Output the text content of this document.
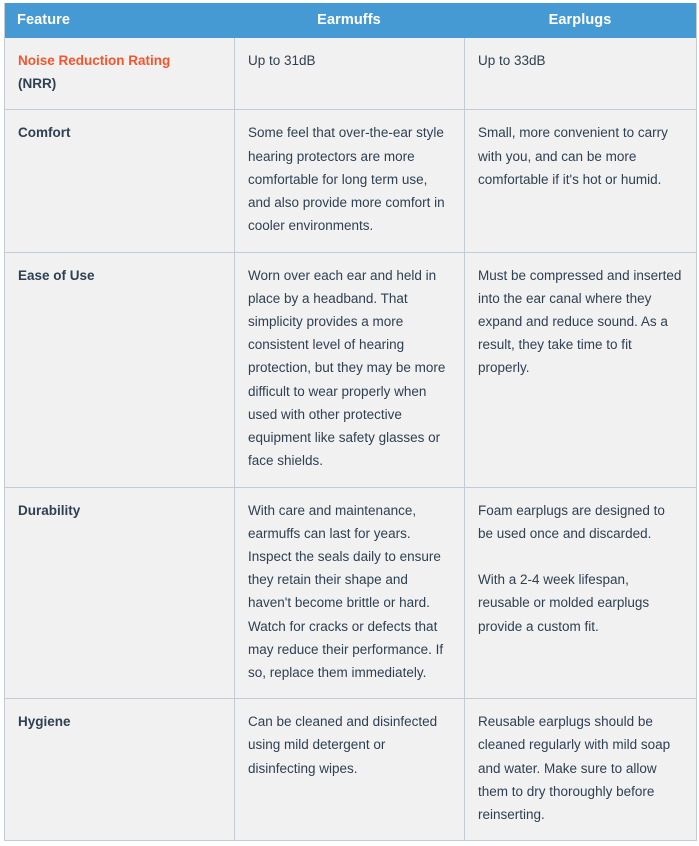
Feature	Earmuffs	Earplugs
Noise Reduction Rating
(NRR)	Up to 31dB	Up to 33dB

Comfort	Some feel that over-the-ear style hearing protectors are more comfortable for long term use, and also provide more comfort in cooler environments.	Small, more convenient to carry with you, and can be more comfortable if it's hot or humid.

Ease of Use	Worn over each ear and held in place by a headband. That simplicity provides a more consistent level of hearing protection, but they may be more difficult to wear properly when used with other protective equipment like safety glasses or face shields.	Must be compressed and inserted into the ear canal where they expand and reduce sound. As a result, they take time to fit properly.

Durability	With care and maintenance, earmuffs can last for years. Inspect the seals daily to ensure they retain their shape and haven't become brittle or hard. Watch for cracks or defects that may reduce their performance. If so, replace them immediately.	Foam earplugs are designed to be used once and discarded.

With a 2-4 week lifespan, reusable or molded earplugs provide a custom fit.

Hygiene	Can be cleaned and disinfected using mild detergent or disinfecting wipes.	Reusable earplugs should be cleaned regularly with mild soap and water. Make sure to allow them to dry thoroughly before reinserting.
